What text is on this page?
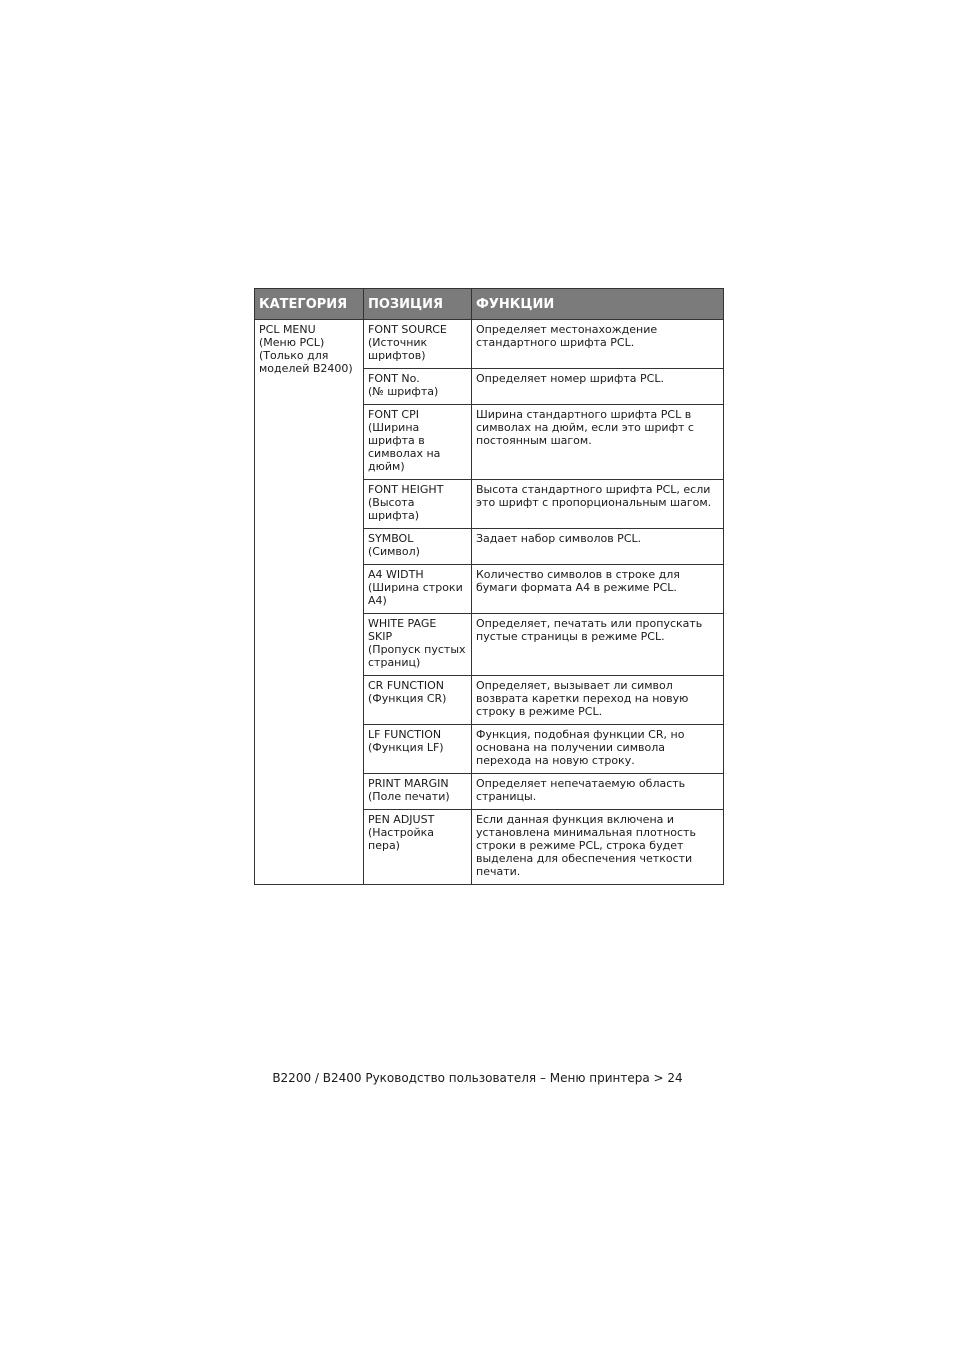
КАТЕГОРИЯ	ПОЗИЦИЯ	ФУНКЦИИ
PCL MENU
(Меню PCL)
(Только для
моделей B2400)	FONT SOURCE
(Источник
шрифтов)	Определяет местонахождение
стандартного шрифта PCL.
	FONT No.
(№ шрифта)	Определяет номер шрифта PCL.
	FONT CPI
(Ширина
шрифта в
символах на
дюйм)	Ширина стандартного шрифта PCL в
символах на дюйм, если это шрифт с
постоянным шагом.
	FONT HEIGHT
(Высота
шрифта)	Высота стандартного шрифта PCL, если
это шрифт с пропорциональным шагом.
	SYMBOL
(Символ)	Задает набор символов PCL.
	A4 WIDTH
(Ширина строки
A4)	Количество символов в строке для
бумаги формата A4 в режиме PCL.
	WHITE PAGE
SKIP
(Пропуск пустых
страниц)	Определяет, печатать или пропускать
пустые страницы в режиме PCL.
	CR FUNCTION
(Функция CR)	Определяет, вызывает ли символ
возврата каретки переход на новую
строку в режиме PCL.
	LF FUNCTION
(Функция LF)	Функция, подобная функции CR, но
основана на получении символа
перехода на новую строку.
	PRINT MARGIN
(Поле печати)	Определяет непечатаемую область
страницы.
	PEN ADJUST
(Настройка
пера)	Если данная функция включена и
установлена минимальная плотность
строки в режиме PCL, строка будет
выделена для обеспечения четкости
печати.
B2200 / B2400 Руководство пользователя – Меню принтера > 24
